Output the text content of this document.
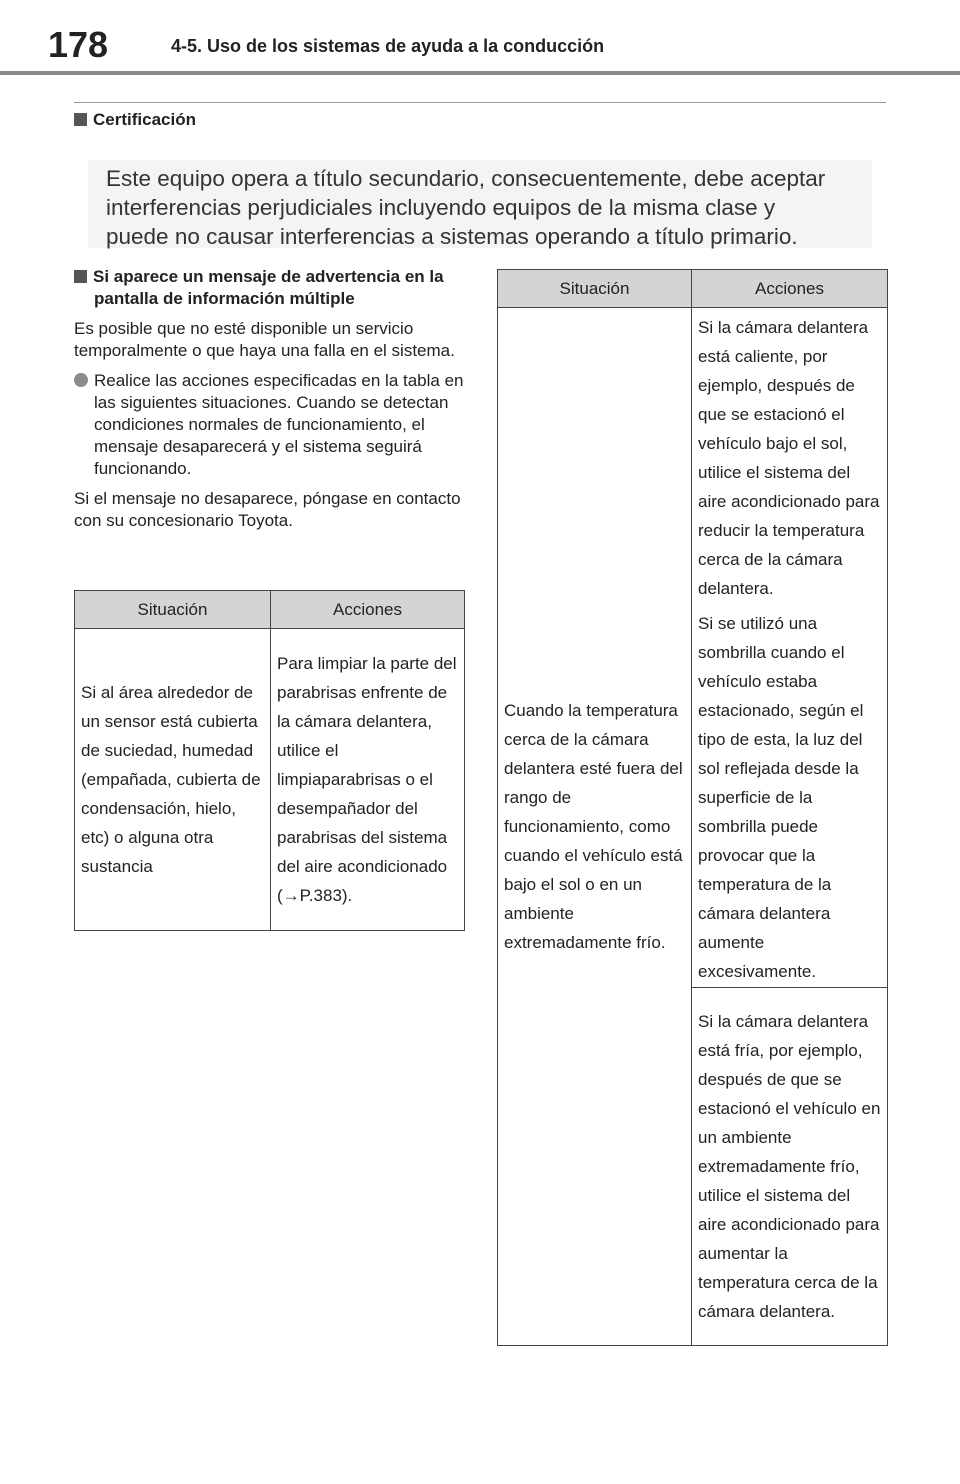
178	4-5. Uso de los sistemas de ayuda a la conducción
Certificación
Este equipo opera a título secundario, consecuentemente, debe aceptar
interferencias perjudiciales incluyendo equipos de la misma clase y
puede no causar interferencias a sistemas operando a título primario.
Si aparece un mensaje de advertencia en la pantalla de información múltiple

Es posible que no esté disponible un servicio temporalmente o que haya una falla en el sistema.

Realice las acciones especificadas en la tabla en las siguientes situaciones. Cuando se detectan condiciones normales de funcionamiento, el mensaje desaparecerá y el sistema seguirá funcionando.

Si el mensaje no desaparece, póngase en contacto con su concesionario Toyota.

Situación	Acciones
Si al área alrededor de un sensor está cubierta de suciedad, humedad (empañada, cubierta de condensación, hielo, etc) o alguna otra sustancia	Para limpiar la parte del parabrisas enfrente de la cámara delantera, utilice el limpiaparabrisas o el desempañador del parabrisas del sistema del aire acondicionado (→P.383).
Situación	Acciones
Cuando la temperatura cerca de la cámara delantera esté fuera del rango de funcionamiento, como cuando el vehículo está bajo el sol o en un ambiente extremadamente frío.	Si la cámara delantera está caliente, por ejemplo, después de que se estacionó el vehículo bajo el sol, utilice el sistema del aire acondicionado para reducir la temperatura cerca de la cámara delantera.
Si se utilizó una sombrilla cuando el vehículo estaba estacionado, según el tipo de esta, la luz del sol reflejada desde la superficie de la sombrilla puede provocar que la temperatura de la cámara delantera aumente excesivamente.

	Si la cámara delantera está fría, por ejemplo, después de que se estacionó el vehículo en un ambiente extremadamente frío, utilice el sistema del aire acondicionado para aumentar la temperatura cerca de la cámara delantera.
